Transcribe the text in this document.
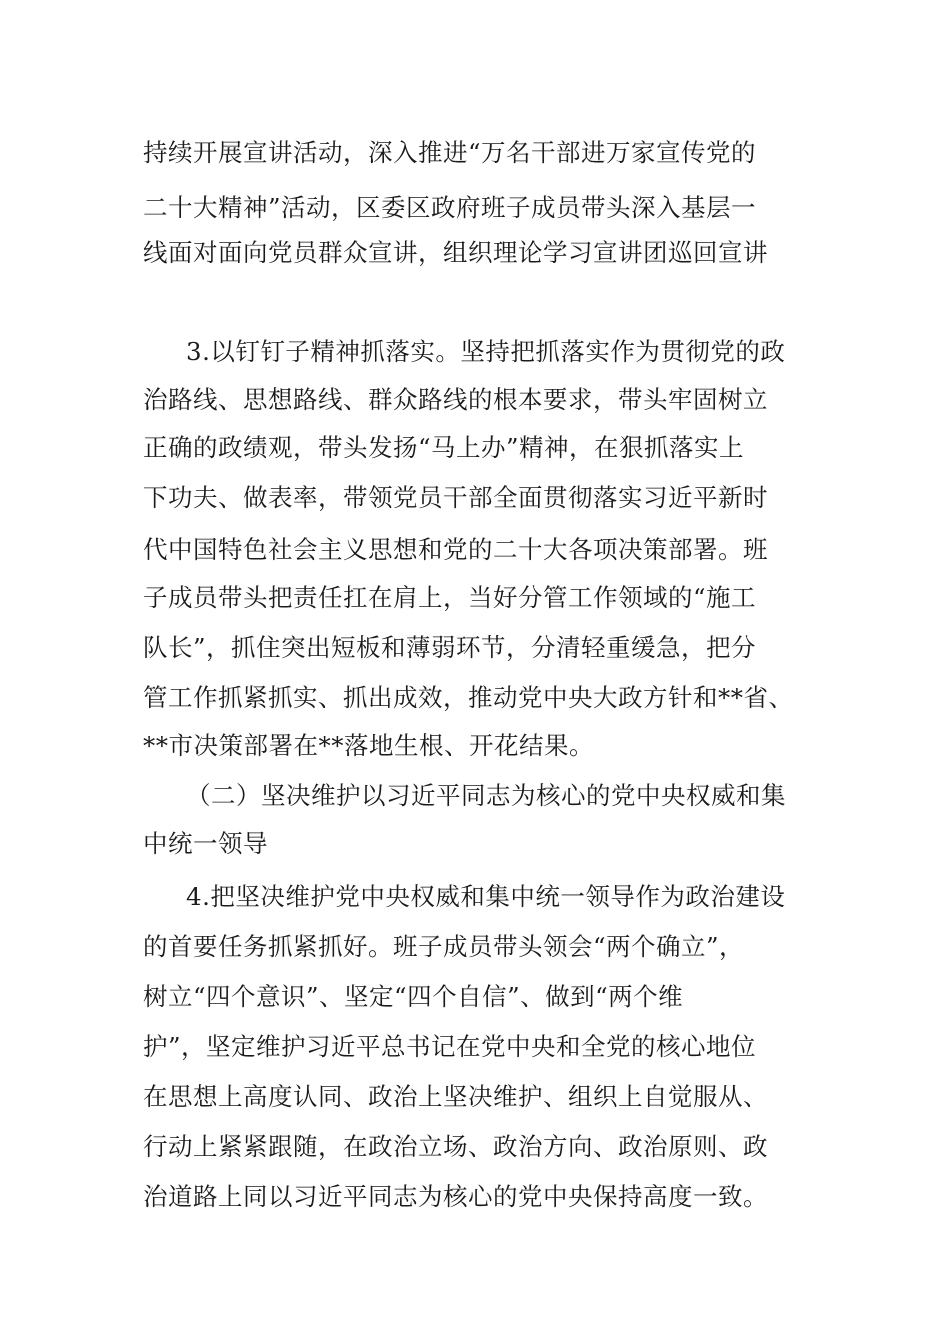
持续开展宣讲活动，深入推进“万名干部进万家宣传党的
二十大精神”活动，区委区政府班子成员带头深入基层一
线面对面向党员群众宣讲，组织理论学习宣讲团巡回宣讲
3.以钉钉子精神抓落实。坚持把抓落实作为贯彻党的政
治路线、思想路线、群众路线的根本要求，带头牢固树立
正确的政绩观，带头发扬“马上办”精神，在狠抓落实上
下功夫、做表率，带领党员干部全面贯彻落实习近平新时
代中国特色社会主义思想和党的二十大各项决策部署。班
子成员带头把责任扛在肩上，当好分管工作领域的“施工
队长”，抓住突出短板和薄弱环节，分清轻重缓急，把分
管工作抓紧抓实、抓出成效，推动党中央大政方针和**省、
**市决策部署在**落地生根、开花结果。
（二）坚决维护以习近平同志为核心的党中央权威和集
中统一领导
4.把坚决维护党中央权威和集中统一领导作为政治建设
的首要任务抓紧抓好。班子成员带头领会“两个确立”，
树立“四个意识”、坚定“四个自信”、做到“两个维
护”，坚定维护习近平总书记在党中央和全党的核心地位
在思想上高度认同、政治上坚决维护、组织上自觉服从、
行动上紧紧跟随，在政治立场、政治方向、政治原则、政
治道路上同以习近平同志为核心的党中央保持高度一致。
